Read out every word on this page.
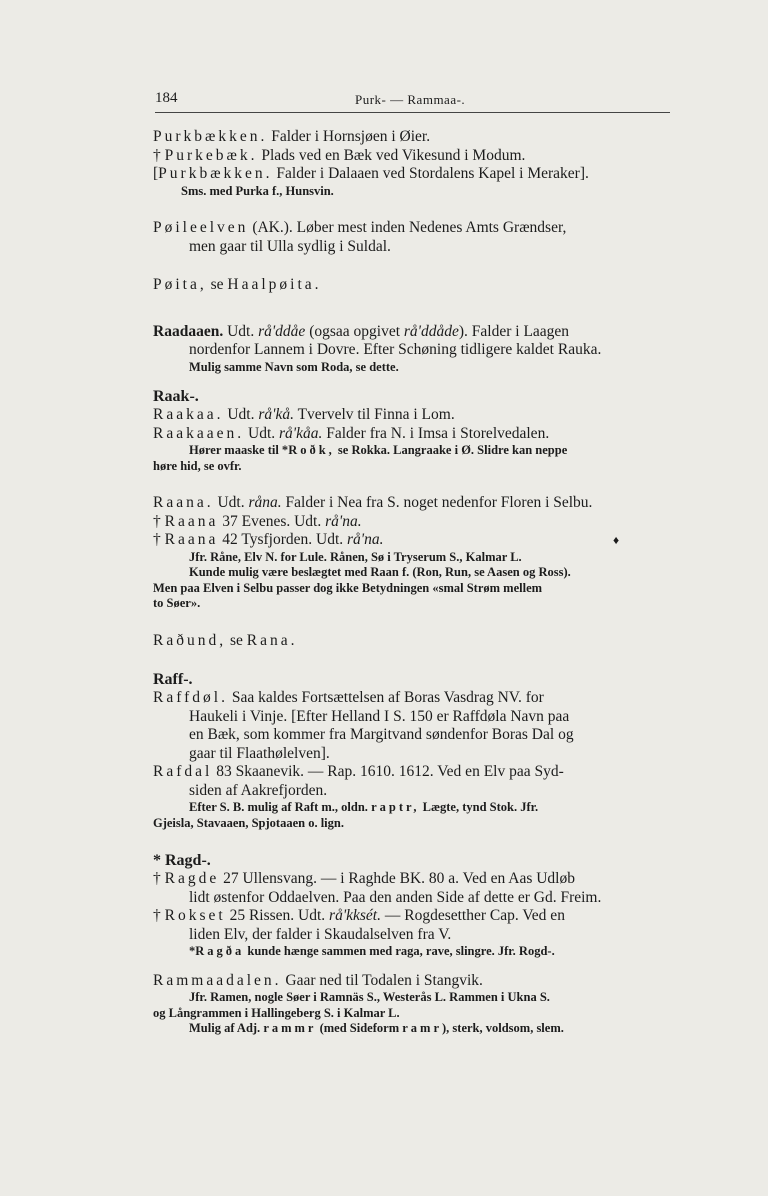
184	Purk- — Rammaa-.

Purkbækken. Falder i Hornsjøen i Øier.

† Purkebæk. Plads ved en Bæk ved Vikesund i Modum.

[Purkbækken. Falder i Dalaaen ved Stordalens Kapel i Meraker].

Sms. med Purka f., Hunsvin.

Pøileelven (AK.). Løber mest inden Nedenes Amts Grændser,

men gaar til Ulla sydlig i Suldal.

Pøita, se Haalpøita.

Raadaaen. Udt. rå'ddåe (ogsaa opgivet rå'ddåde). Falder i Laagen

nordenfor Lannem i Dovre. Efter Schøning tidligere kaldet Rauka.

Mulig samme Navn som Roda, se dette.

Raak-.

Raakaa. Udt. rå'kå. Tvervelv til Finna i Lom.

Raakaaen. Udt. rå'kåa. Falder fra N. i Imsa i Storelvedalen.

Hører maaske til *Roðk, se Rokka. Langraake i Ø. Slidre kan neppe

høre hid, se ovfr.

Raana. Udt. råna. Falder i Nea fra S. noget nedenfor Floren i Selbu.

† Raana 37 Evenes. Udt. rå'na.

† Raana 42 Tysfjorden. Udt. rå'na.	♦

Jfr. Råne, Elv N. for Lule. Rånen, Sø i Tryserum S., Kalmar L.

Kunde mulig være beslægtet med Raan f. (Ron, Run, se Aasen og Ross).

Men paa Elven i Selbu passer dog ikke Betydningen «smal Strøm mellem

to Søer».

Raðund, se Rana.

Raff-.

Raffdøl. Saa kaldes Fortsættelsen af Boras Vasdrag NV. for

Haukeli i Vinje. [Efter Helland I S. 150 er Raffdøla Navn paa

en Bæk, som kommer fra Margitvand søndenfor Boras Dal og

gaar til Flaathølelven].

Rafdal 83 Skaanevik. — Rap. 1610. 1612. Ved en Elv paa Syd-

siden af Aakrefjorden.

Efter S. B. mulig af Raft m., oldn. raptr, Lægte, tynd Stok. Jfr.

Gjeisla, Stavaaen, Spjotaaen o. lign.

* Ragd-.

† Ragde 27 Ullensvang. — i Raghde BK. 80 a. Ved en Aas Udløb

lidt østenfor Oddaelven. Paa den anden Side af dette er Gd. Freim.

† Rokset 25 Rissen. Udt. rå'kksét. — Rogdesetther Cap. Ved en

liden Elv, der falder i Skaudalselven fra V.

*Ragða kunde hænge sammen med raga, rave, slingre. Jfr. Rogd-.

Rammaadalen. Gaar ned til Todalen i Stangvik.

Jfr. Ramen, nogle Søer i Ramnäs S., Westerås L. Rammen i Ukna S.

og Långrammen i Hallingeberg S. i Kalmar L.

Mulig af Adj. rammr (med Sideform ramr), sterk, voldsom, slem.
